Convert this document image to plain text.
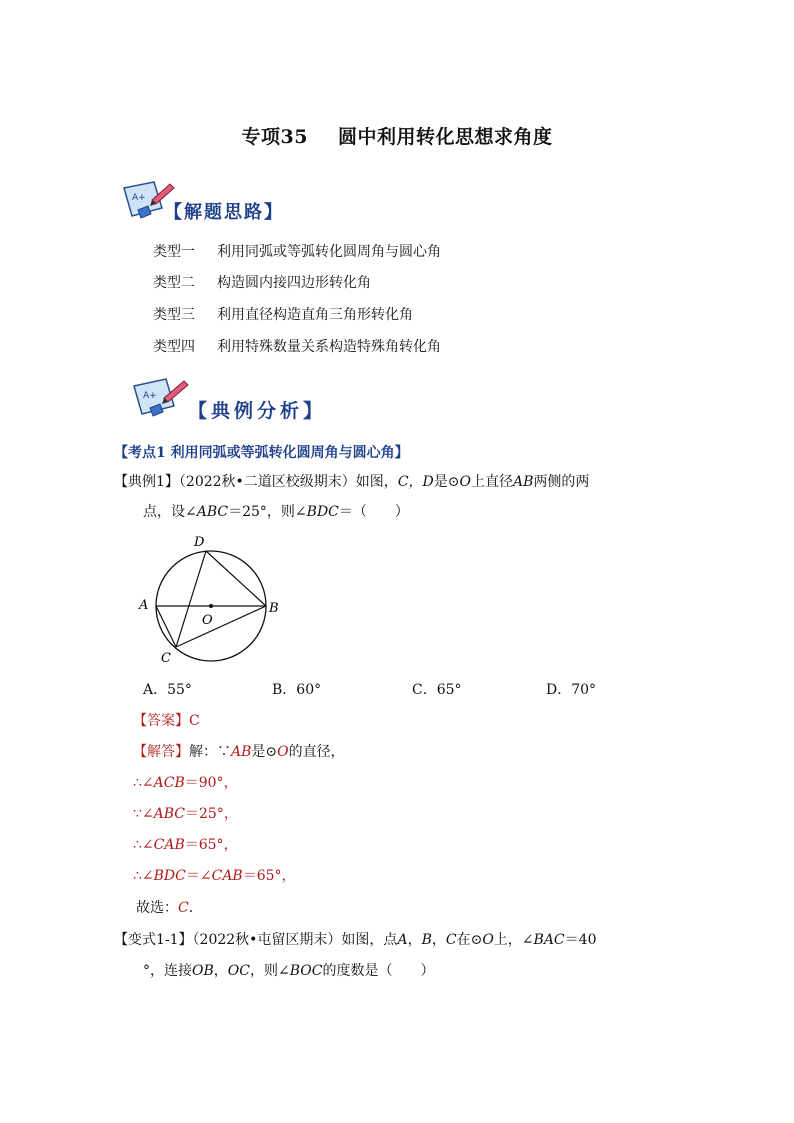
专项35 圆中利用转化思想求角度
A+
【解题思路】
类型一 利用同弧或等弧转化圆周角与圆心角
类型二 构造圆内接四边形转化角
类型三 利用直径构造直角三角形转化角
类型四 利用特殊数量关系构造特殊角转化角
A+
【典例分析】
【考点1 利用同弧或等弧转化圆周角与圆心角】
【典例1】（2022秋•二道区校级期末）如图，C，D是⊙O上直径AB两侧的两
点，设∠ABC＝25°，则∠BDC＝（　　）
A	B
C
D
O
A．55°	B．60°	C．65°	D．70°
【答案】C
【解答】解：∵AB是⊙O的直径，
∴∠ACB＝90°，
∵∠ABC＝25°，
∴∠CAB＝65°，
∴∠BDC＝∠CAB＝65°，
故选：C.
【变式1-1】（2022秋•屯留区期末）如图，点A，B，C在⊙O上，∠BAC＝40
°，连接OB，OC，则∠BOC的度数是（　　）
